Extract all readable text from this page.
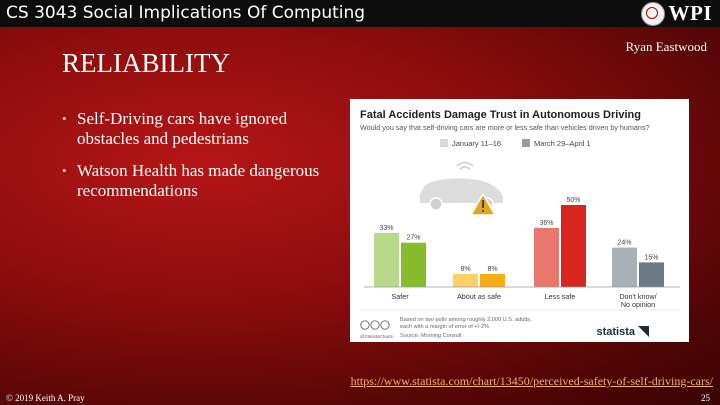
CS 3043 Social Implications Of Computing	WPI
Ryan Eastwood
RELIABILITY
• Self-Driving cars have ignored obstacles and pedestrians
• Watson Health has made dangerous recommendations
Fatal Accidents Damage Trust in Autonomous Driving
Would you say that self-driving cars are more or less safe than vehicles driven by humans?
January 11–16	March 29–April 1
33%
27%
8% 8%
36%
50%
24%
15%
Safer	About as safe	Less safe	Don't know/
No opinion
@StatistaCharts
Based on two polls among roughly 2,000 U.S. adults, each with a margin of error of +/-2%
Source: Morning Consult	statista
https://www.statista.com/chart/13450/perceived-safety-of-self-driving-cars/
© 2019 Keith A. Pray	25
